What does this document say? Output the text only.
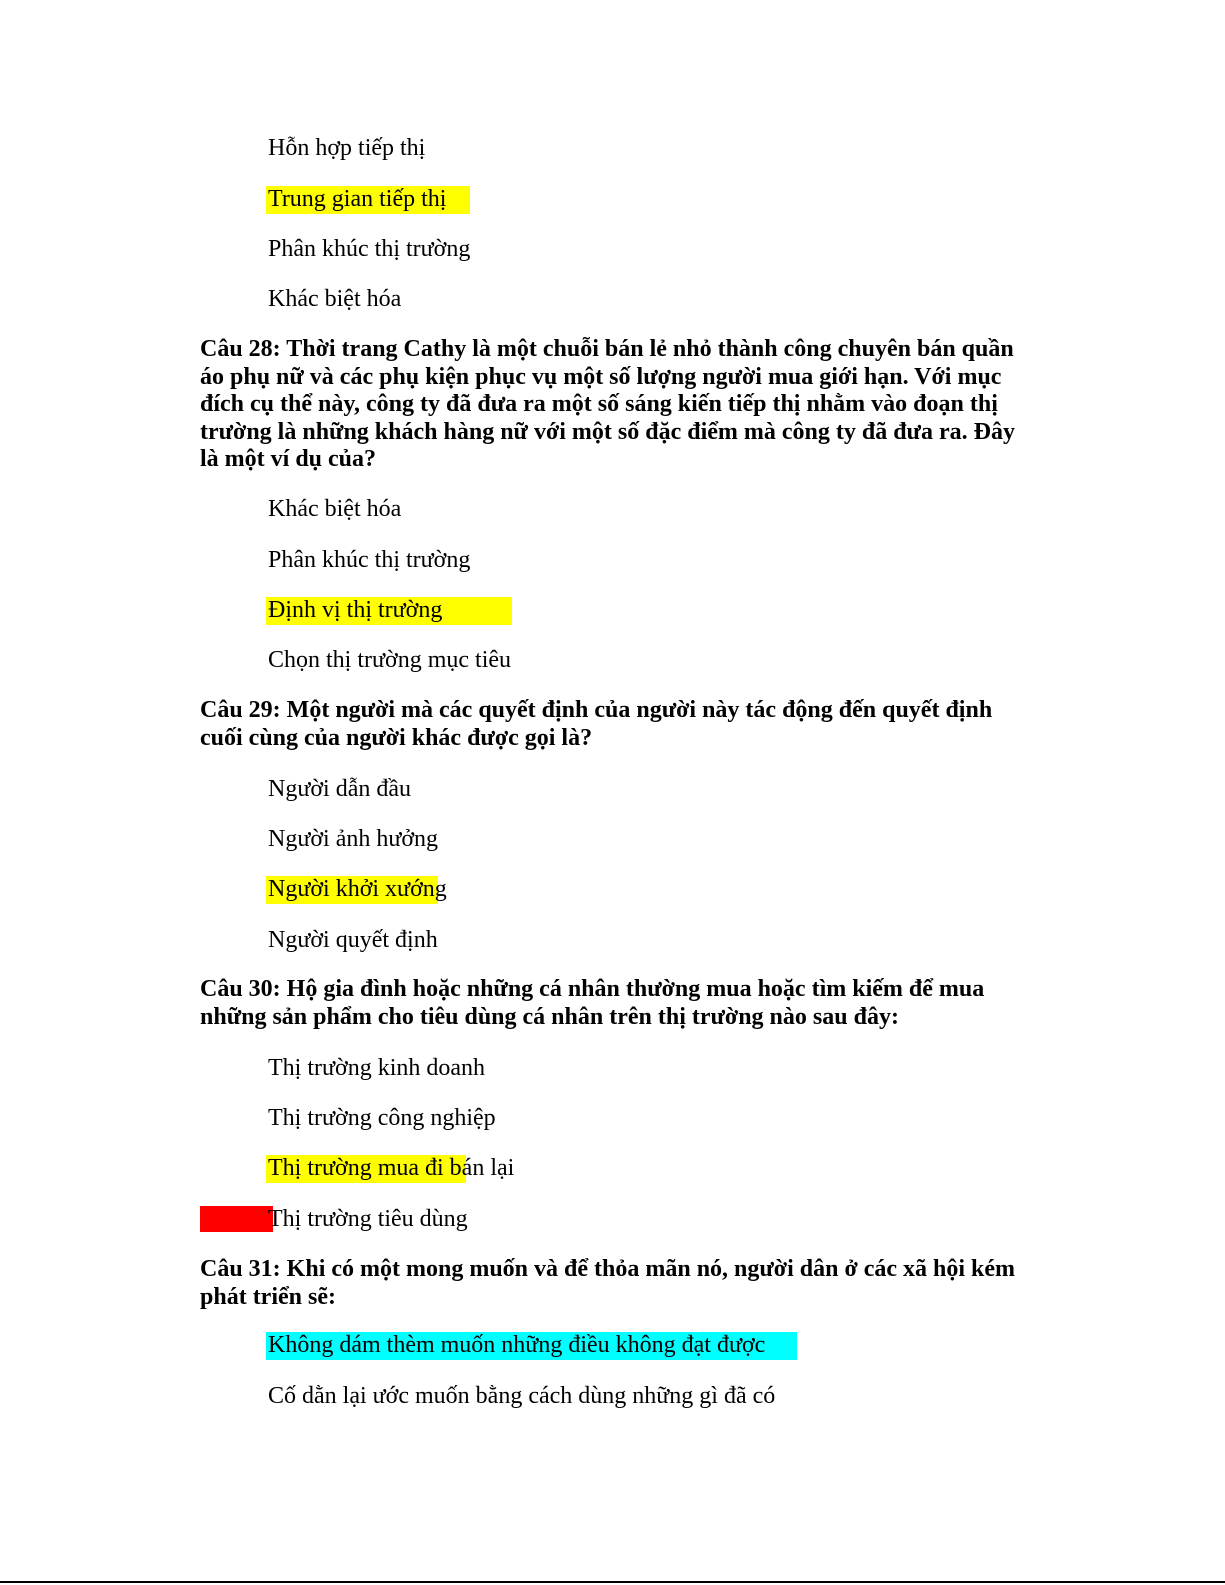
Hỗn hợp tiếp thị
Trung gian tiếp thị
Phân khúc thị trường
Khác biệt hóa
Câu 28: Thời trang Cathy là một chuỗi bán lẻ nhỏ thành công chuyên bán quần áo phụ nữ và các phụ kiện phục vụ một số lượng người mua giới hạn. Với mục đích cụ thể này, công ty đã đưa ra một số sáng kiến tiếp thị nhằm vào đoạn thị trường là những khách hàng nữ với một số đặc điểm mà công ty đã đưa ra. Đây là một ví dụ của?
Khác biệt hóa
Phân khúc thị trường
Định vị thị trường
Chọn thị trường mục tiêu
Câu 29: Một người mà các quyết định của người này tác động đến quyết định cuối cùng của người khác được gọi là?
Người dẫn đầu
Người ảnh hưởng
Người khởi xướng
Người quyết định
Câu 30: Hộ gia đình hoặc những cá nhân thường mua hoặc tìm kiếm để mua những sản phẩm cho tiêu dùng cá nhân trên thị trường nào sau đây:
Thị trường kinh doanh
Thị trường công nghiệp
Thị trường mua đi bán lại
Thị trường tiêu dùng
Câu 31: Khi có một mong muốn và để thỏa mãn nó, người dân ở các xã hội kém phát triển sẽ:
Không dám thèm muốn những điều không đạt được
Cố dằn lại ước muốn bằng cách dùng những gì đã có
